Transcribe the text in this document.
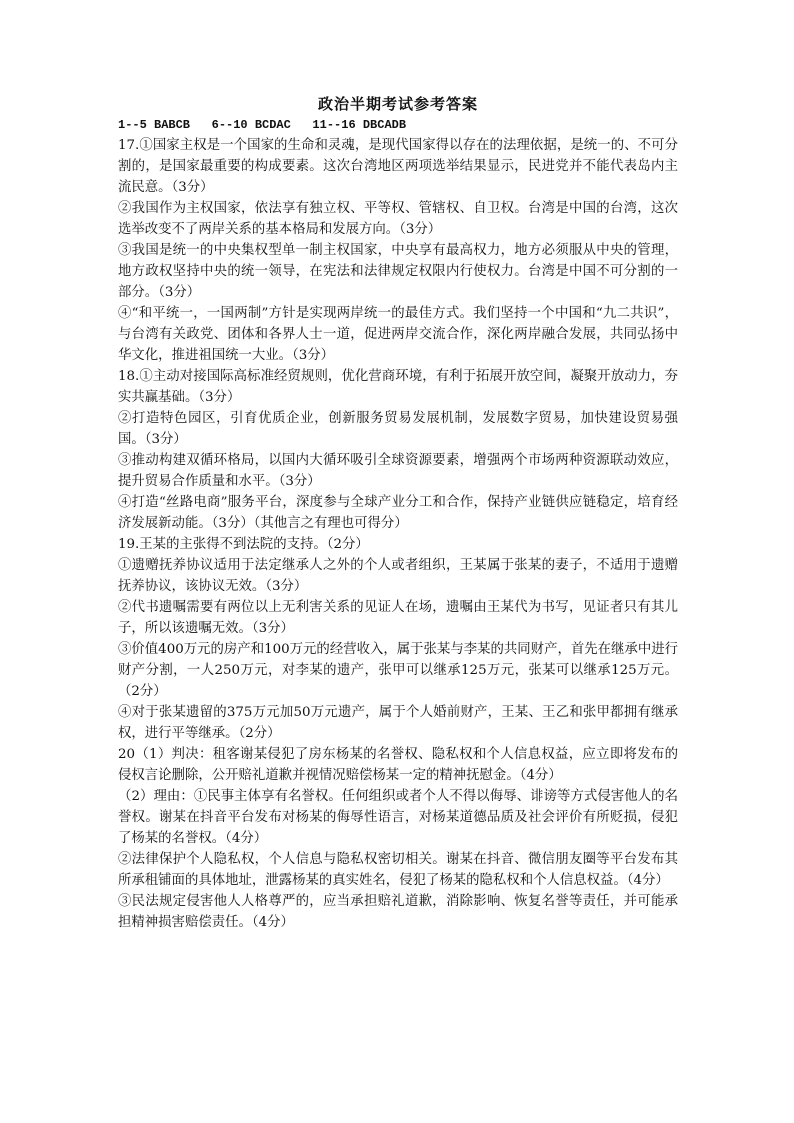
政治半期考试参考答案
1--5 BABCB   6--10 BCDAC   11--16 DBCADB

17.①国家主权是一个国家的生命和灵魂，是现代国家得以存在的法理依据，是统一的、不可分割的，是国家最重要的构成要素。这次台湾地区两项选举结果显示，民进党并不能代表岛内主流民意。（3分）

②我国作为主权国家，依法享有独立权、平等权、管辖权、自卫权。台湾是中国的台湾，这次选举改变不了两岸关系的基本格局和发展方向。（3分）

③我国是统一的中央集权型单一制主权国家，中央享有最高权力，地方必须服从中央的管理，地方政权坚持中央的统一领导，在宪法和法律规定权限内行使权力。台湾是中国不可分割的一部分。（3分）

④“和平统一，一国两制”方针是实现两岸统一的最佳方式。我们坚持一个中国和“九二共识”，与台湾有关政党、团体和各界人士一道，促进两岸交流合作，深化两岸融合发展，共同弘扬中华文化，推进祖国统一大业。（3分）

18.①主动对接国际高标准经贸规则，优化营商环境，有利于拓展开放空间，凝聚开放动力，夯实共赢基础。（3分）

②打造特色园区，引育优质企业，创新服务贸易发展机制，发展数字贸易，加快建设贸易强国。（3分）

③推动构建双循环格局，以国内大循环吸引全球资源要素，增强两个市场两种资源联动效应，提升贸易合作质量和水平。（3分）

④打造“丝路电商”服务平台，深度参与全球产业分工和合作，保持产业链供应链稳定，培育经济发展新动能。（3分）（其他言之有理也可得分）

19.王某的主张得不到法院的支持。（2分）

①遗赠抚养协议适用于法定继承人之外的个人或者组织，王某属于张某的妻子，不适用于遗赠抚养协议，该协议无效。（3分）

②代书遗嘱需要有两位以上无利害关系的见证人在场，遗嘱由王某代为书写，见证者只有其儿子，所以该遗嘱无效。（3分）

③价值400万元的房产和100万元的经营收入，属于张某与李某的共同财产，首先在继承中进行财产分割，一人250万元，对李某的遗产，张甲可以继承125万元，张某可以继承125万元。（2分）

④对于张某遗留的375万元加50万元遗产，属于个人婚前财产，王某、王乙和张甲都拥有继承权，进行平等继承。（2分）

20（1）判决：租客谢某侵犯了房东杨某的名誉权、隐私权和个人信息权益，应立即将发布的侵权言论删除，公开赔礼道歉并视情况赔偿杨某一定的精神抚慰金。（4分）

（2）理由：①民事主体享有名誉权。任何组织或者个人不得以侮辱、诽谤等方式侵害他人的名誉权。谢某在抖音平台发布对杨某的侮辱性语言，对杨某道德品质及社会评价有所贬损，侵犯了杨某的名誉权。（4分）

②法律保护个人隐私权，个人信息与隐私权密切相关。谢某在抖音、微信朋友圈等平台发布其所承租铺面的具体地址，泄露杨某的真实姓名，侵犯了杨某的隐私权和个人信息权益。（4分）

③民法规定侵害他人人格尊严的，应当承担赔礼道歉，消除影响、恢复名誉等责任，并可能承担精神损害赔偿责任。（4分）
